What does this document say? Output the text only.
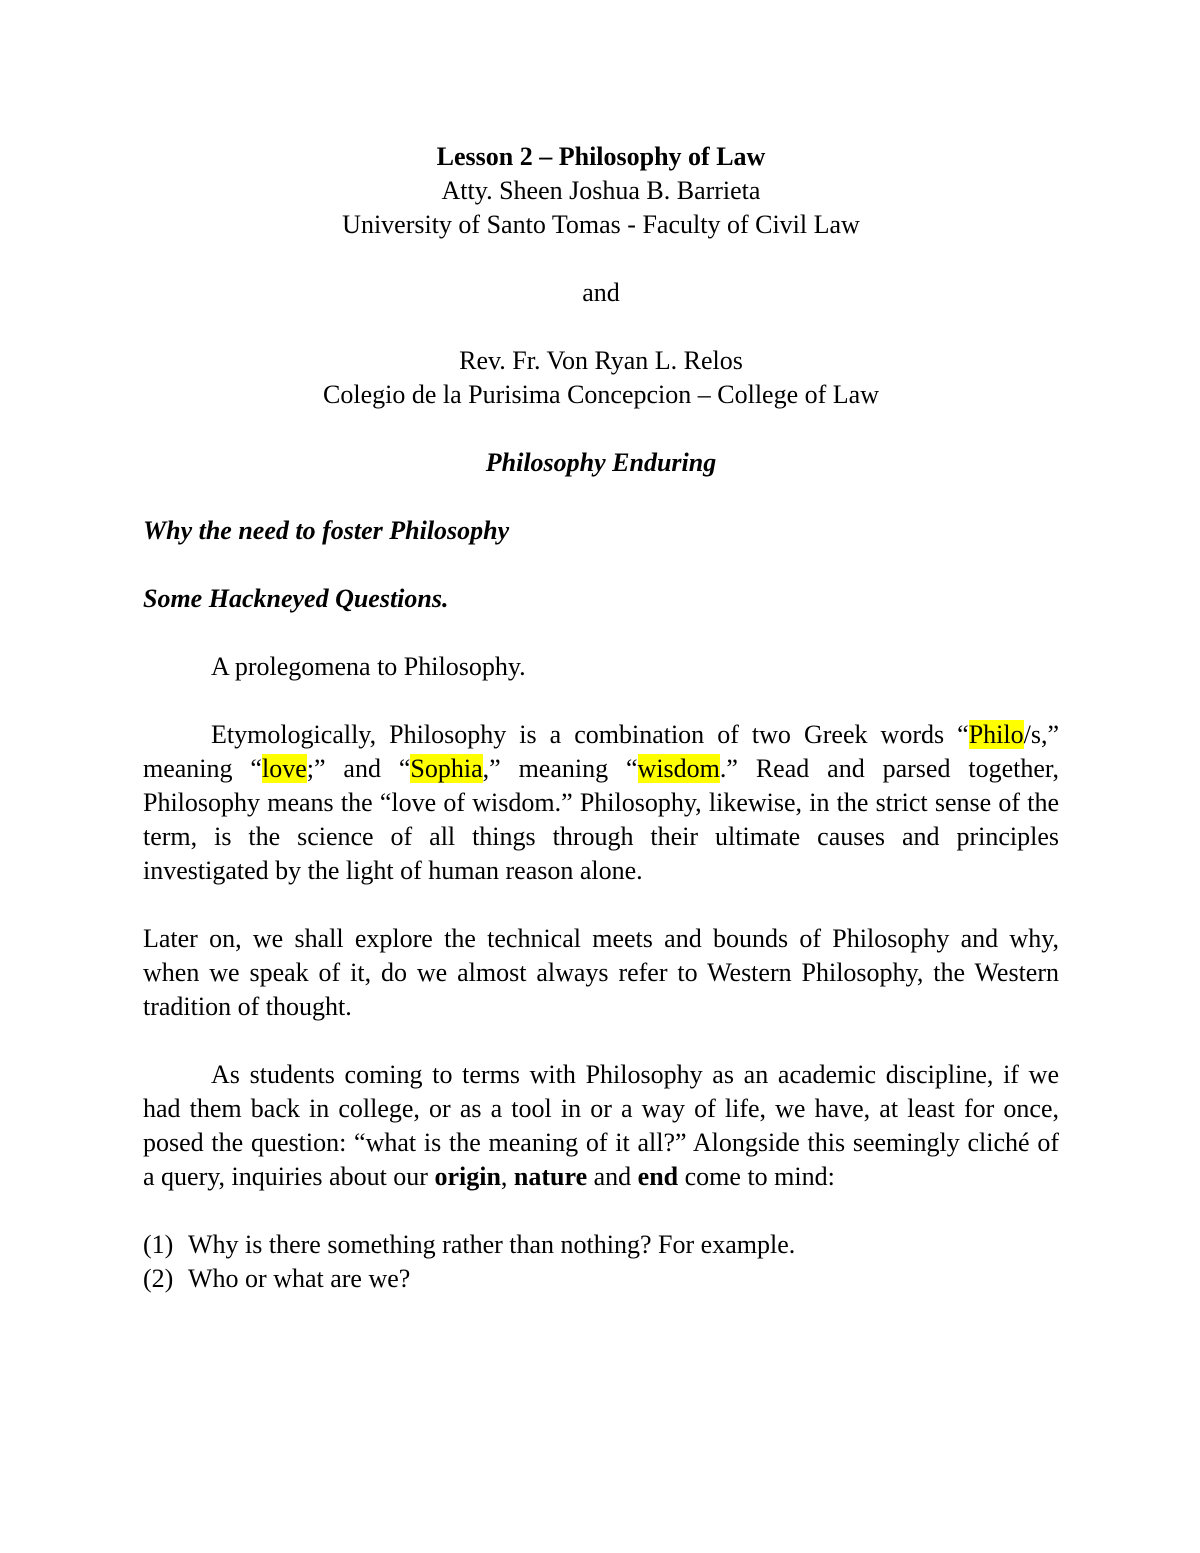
Lesson 2 – Philosophy of Law

Atty. Sheen Joshua B. Barrieta

University of Santo Tomas - Faculty of Civil Law

and

Rev. Fr. Von Ryan L. Relos

Colegio de la Purisima Concepcion – College of Law

Philosophy Enduring

Why the need to foster Philosophy

Some Hackneyed Questions.

A prolegomena to Philosophy.

Etymologically, Philosophy is a combination of two Greek words “Philo/s,” meaning “love;” and “Sophia,” meaning “wisdom.” Read and parsed together, Philosophy means the “love of wisdom.” Philosophy, likewise, in the strict sense of the term, is the science of all things through their ultimate causes and principles investigated by the light of human reason alone.

Later on, we shall explore the technical meets and bounds of Philosophy and why, when we speak of it, do we almost always refer to Western Philosophy, the Western tradition of thought.

As students coming to terms with Philosophy as an academic discipline, if we had them back in college, or as a tool in or a way of life, we have, at least for once, posed the question: “what is the meaning of it all?” Alongside this seemingly cliché of a query, inquiries about our origin, nature and end come to mind:

(1) Why is there something rather than nothing? For example.
(2) Who or what are we?
